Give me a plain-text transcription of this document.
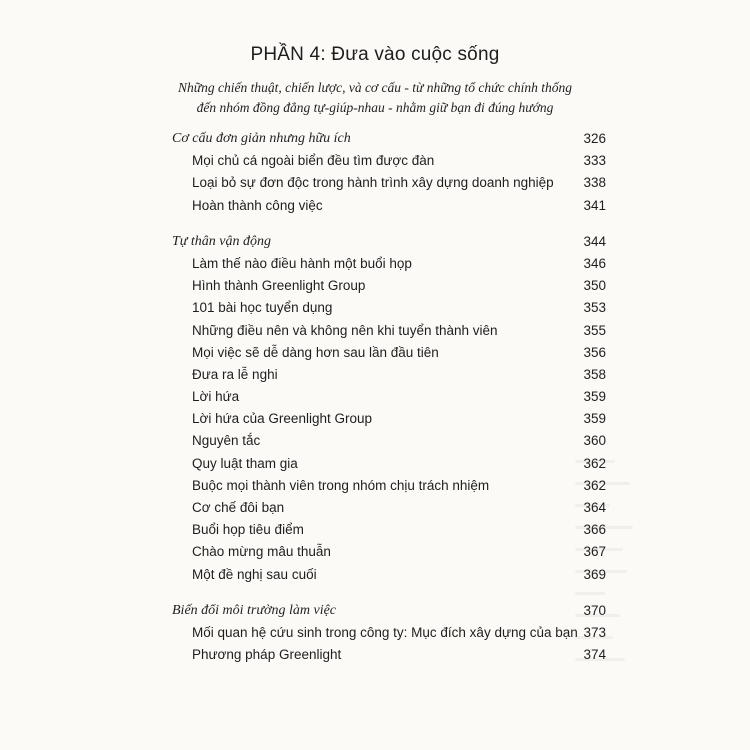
PHẦN 4: Đưa vào cuộc sống
Những chiến thuật, chiến lược, và cơ cấu - từ những tổ chức chính thống
đến nhóm đồng đẳng tự-giúp-nhau - nhằm giữ bạn đi đúng hướng
Cơ cấu đơn giản nhưng hữu ích	326
Mọi chủ cá ngoài biển đều tìm được đàn	333
Loại bỏ sự đơn độc trong hành trình xây dựng doanh nghiệp 338
Hoàn thành công việc	341
Tự thân vận động	344
Làm thế nào điều hành một buổi họp	346
Hình thành Greenlight Group	350
101 bài học tuyển dụng	353
Những điều nên và không nên khi tuyển thành viên	355
Mọi việc sẽ dễ dàng hơn sau lần đầu tiên	356
Đưa ra lễ nghi	358
Lời hứa	359
Lời hứa của Greenlight Group	359
Nguyên tắc	360
Quy luật tham gia	362
Buộc mọi thành viên trong nhóm chịu trách nhiệm	362
Cơ chế đôi bạn	364
Buổi họp tiêu điểm	366
Chào mừng mâu thuẫn	367
Một đề nghị sau cuối	369
Biến đổi môi trường làm việc	370
Mối quan hệ cứu sinh trong công ty: Mục đích xây dựng của bạn 373
Phương pháp Greenlight	374
